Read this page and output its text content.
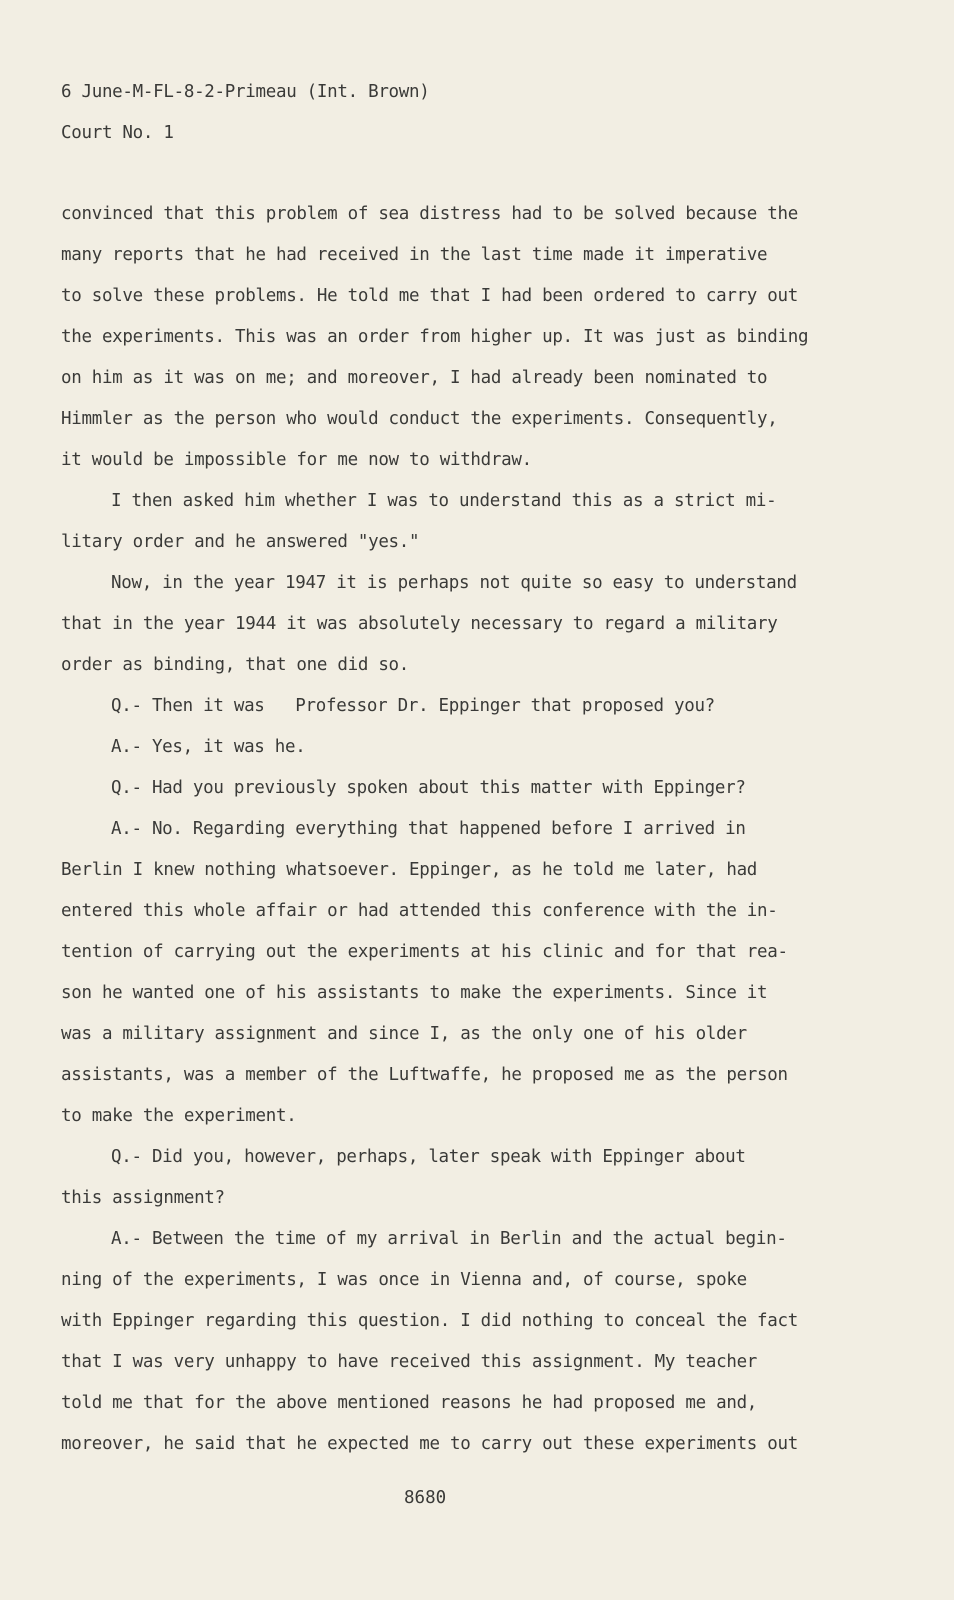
6 June-M-FL-8-2-Primeau (Int. Brown)
Court No. 1
convinced that this problem of sea distress had to be solved because the
many reports that he had received in the last time made it imperative
to solve these problems. He told me that I had been ordered to carry out
the experiments. This was an order from higher up. It was just as binding
on him as it was on me; and moreover, I had already been nominated to
Himmler as the person who would conduct the experiments. Consequently,
it would be impossible for me now to withdraw.
I then asked him whether I was to understand this as a strict mi-
litary order and he answered "yes."
Now, in the year 1947 it is perhaps not quite so easy to understand
that in the year 1944 it was absolutely necessary to regard a military
order as binding, that one did so.
Q.- Then it was   Professor Dr. Eppinger that proposed you?
A.- Yes, it was he.
Q.- Had you previously spoken about this matter with Eppinger?
A.- No. Regarding everything that happened before I arrived in
Berlin I knew nothing whatsoever. Eppinger, as he told me later, had
entered this whole affair or had attended this conference with the in-
tention of carrying out the experiments at his clinic and for that rea-
son he wanted one of his assistants to make the experiments. Since it
was a military assignment and since I, as the only one of his older
assistants, was a member of the Luftwaffe, he proposed me as the person
to make the experiment.
Q.- Did you, however, perhaps, later speak with Eppinger about
this assignment?
A.- Between the time of my arrival in Berlin and the actual begin-
ning of the experiments, I was once in Vienna and, of course, spoke
with Eppinger regarding this question. I did nothing to conceal the fact
that I was very unhappy to have received this assignment. My teacher
told me that for the above mentioned reasons he had proposed me and,
moreover, he said that he expected me to carry out these experiments out
8680
